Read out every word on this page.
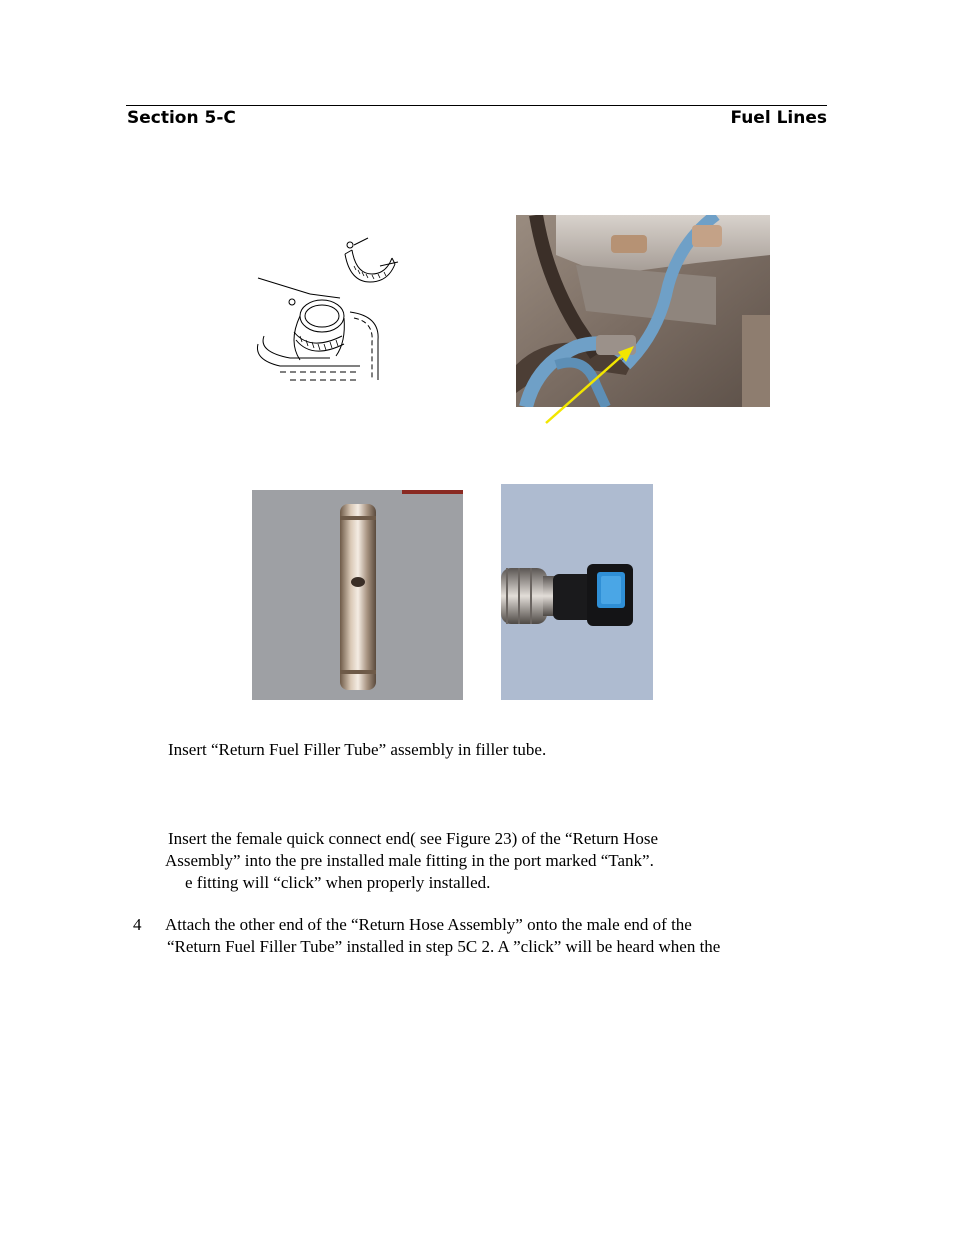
Section 5-C	Fuel Lines
Insert “Return Fuel Filler Tube” assembly in filler tube.
Insert the female quick connect end( see Figure 23) of the “Return Hose
Assembly” into the pre installed male fitting in the port marked “Tank”.
e fitting will “click” when properly installed.
4 Attach the other end of the “Return Hose Assembly” onto the male end of the
“Return Fuel Filler Tube” installed in step 5C 2. A ”click” will be heard when the
